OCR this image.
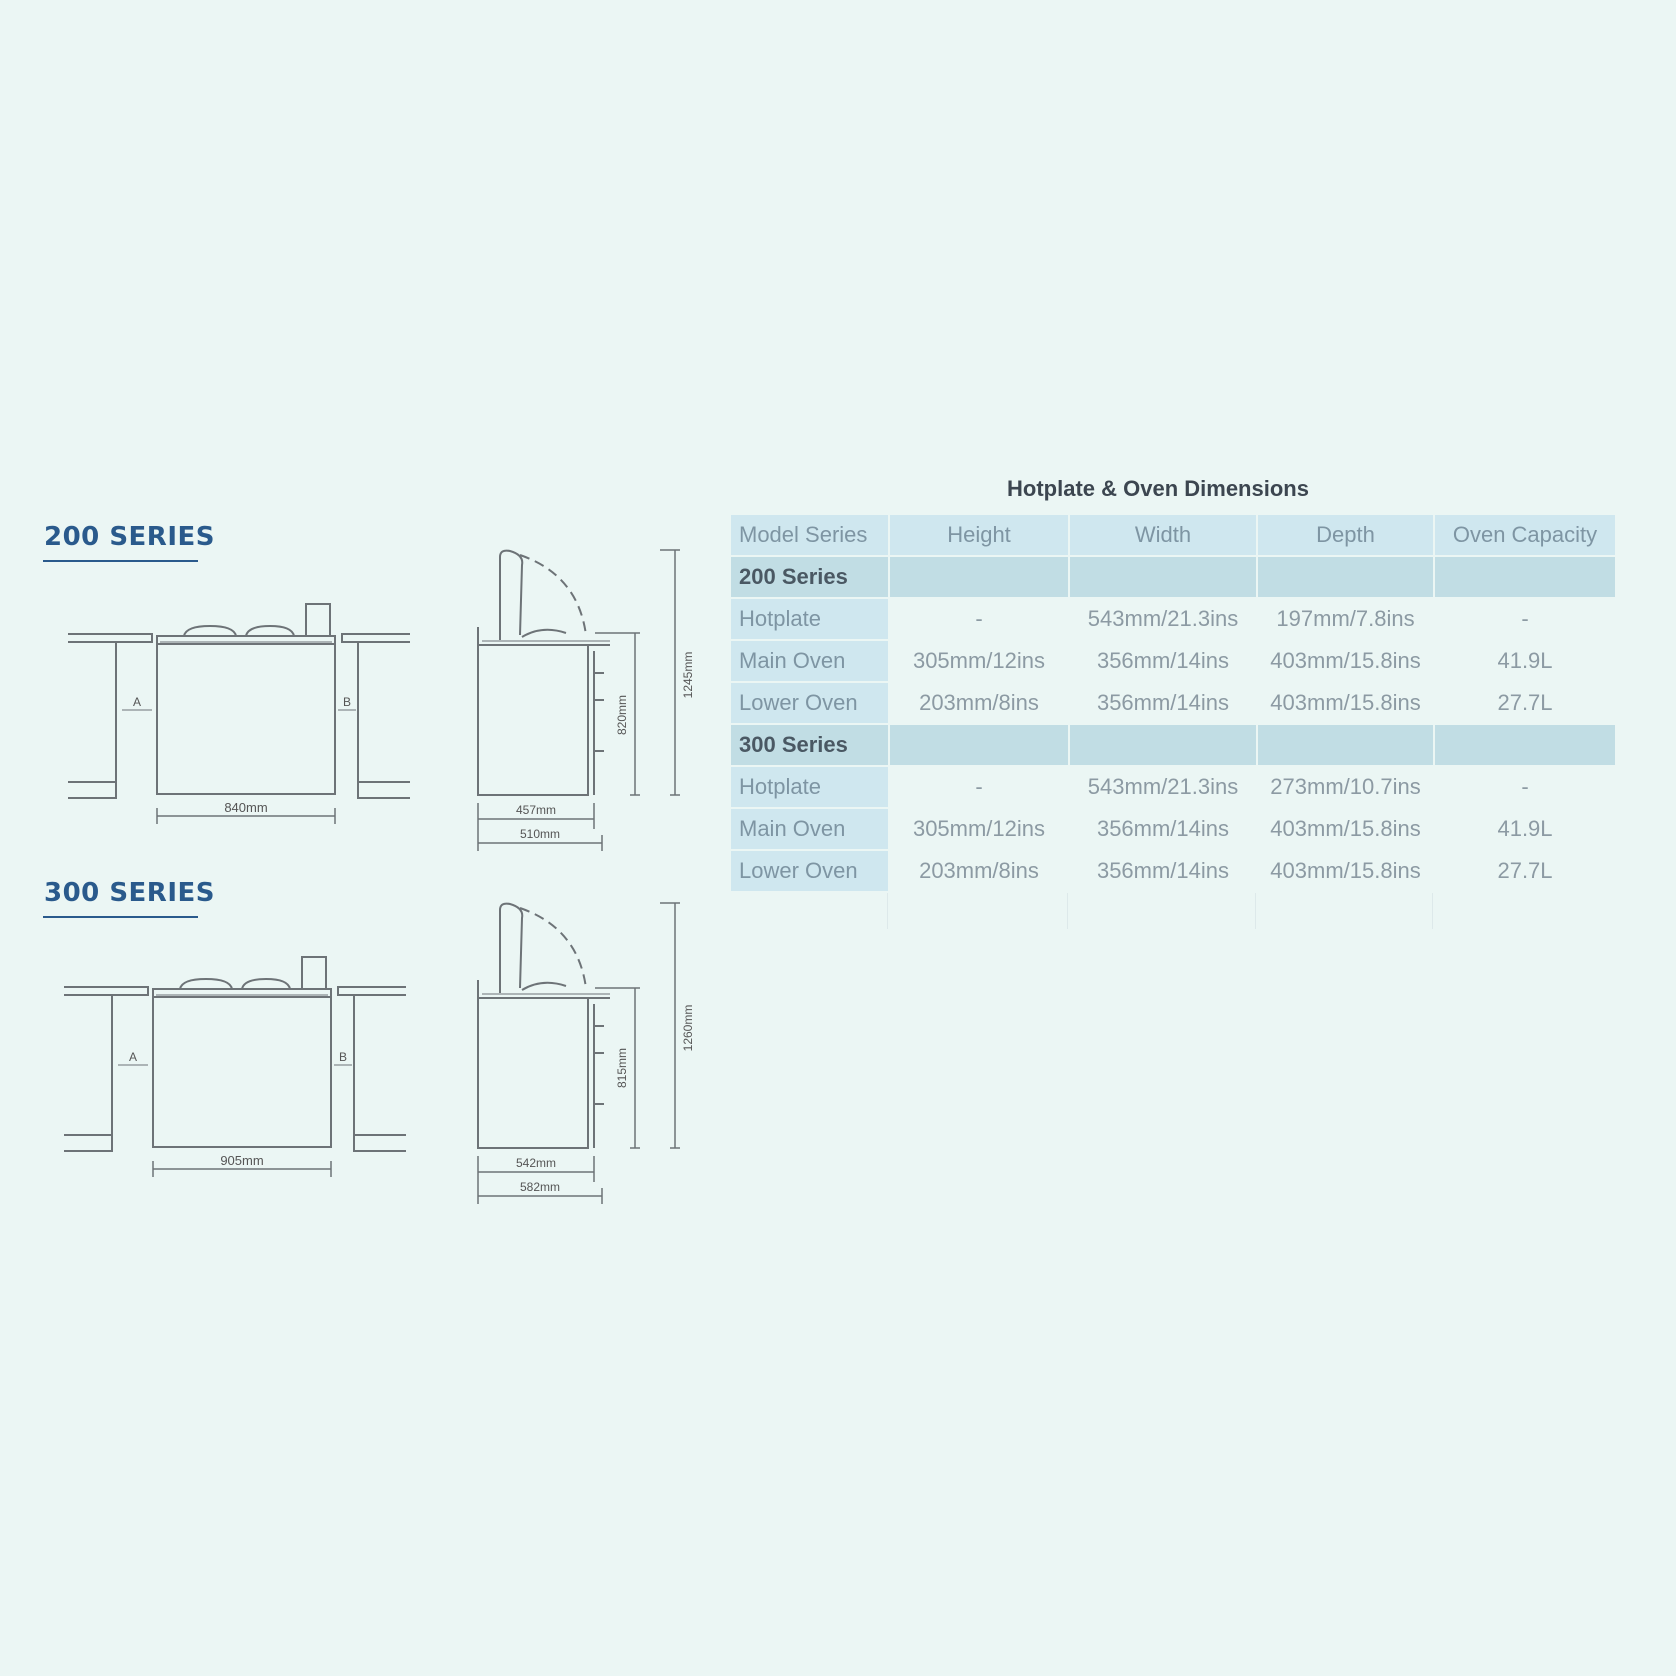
200 SERIES
A	B
840mm
820mm
1245mm
457mm
510mm
300 SERIES
A	B
905mm
815mm
1260mm
542mm
582mm
Hotplate & Oven Dimensions
Model Series	Height	Width	Depth	Oven Capacity
200 Series				
Hotplate	-	543mm/21.3ins	197mm/7.8ins	-
Main Oven	305mm/12ins	356mm/14ins	403mm/15.8ins	41.9L
Lower Oven	203mm/8ins	356mm/14ins	403mm/15.8ins	27.7L
300 Series				
Hotplate	-	543mm/21.3ins	273mm/10.7ins	-
Main Oven	305mm/12ins	356mm/14ins	403mm/15.8ins	41.9L
Lower Oven	203mm/8ins	356mm/14ins	403mm/15.8ins	27.7L
